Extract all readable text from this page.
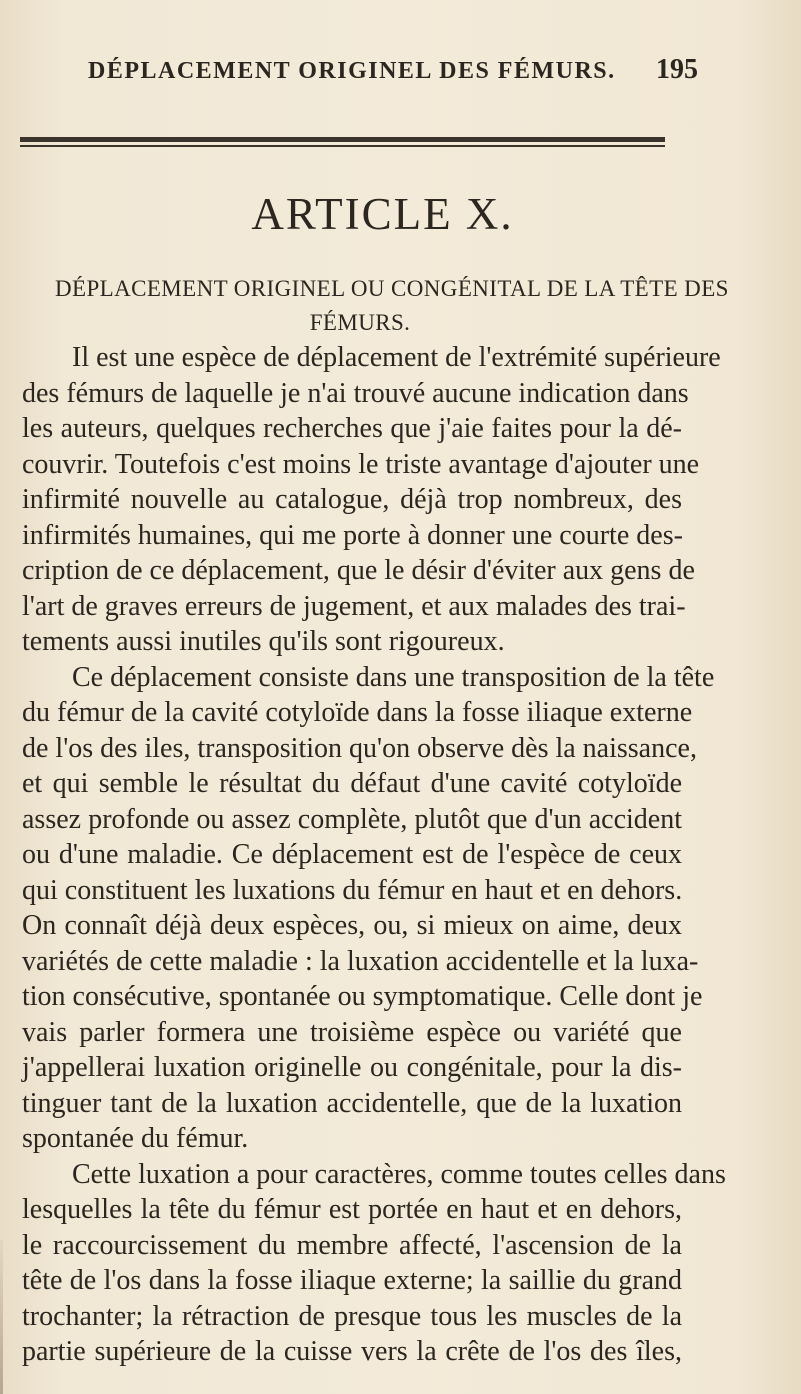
DÉPLACEMENT ORIGINEL DES FÉMURS. 195
ARTICLE X.
DÉPLACEMENT ORIGINEL OU CONGÉNITAL DE LA TÊTE DES
FÉMURS.
Il est une espèce de déplacement de l'extrémité supérieure
des fémurs de laquelle je n'ai trouvé aucune indication dans
les auteurs, quelques recherches que j'aie faites pour la dé-
couvrir. Toutefois c'est moins le triste avantage d'ajouter une
infirmité nouvelle au catalogue, déjà trop nombreux, des
infirmités humaines, qui me porte à donner une courte des-
cription de ce déplacement, que le désir d'éviter aux gens de
l'art de graves erreurs de jugement, et aux malades des trai-
tements aussi inutiles qu'ils sont rigoureux.
Ce déplacement consiste dans une transposition de la tête
du fémur de la cavité cotyloïde dans la fosse iliaque externe
de l'os des iles, transposition qu'on observe dès la naissance,
et qui semble le résultat du défaut d'une cavité cotyloïde
assez profonde ou assez complète, plutôt que d'un accident
ou d'une maladie. Ce déplacement est de l'espèce de ceux
qui constituent les luxations du fémur en haut et en dehors.
On connaît déjà deux espèces, ou, si mieux on aime, deux
variétés de cette maladie : la luxation accidentelle et la luxa-
tion consécutive, spontanée ou symptomatique. Celle dont je
vais parler formera une troisième espèce ou variété que
j'appellerai luxation originelle ou congénitale, pour la dis-
tinguer tant de la luxation accidentelle, que de la luxation
spontanée du fémur.
Cette luxation a pour caractères, comme toutes celles dans
lesquelles la tête du fémur est portée en haut et en dehors,
le raccourcissement du membre affecté, l'ascension de la
tête de l'os dans la fosse iliaque externe; la saillie du grand
trochanter; la rétraction de presque tous les muscles de la
partie supérieure de la cuisse vers la crête de l'os des îles,
